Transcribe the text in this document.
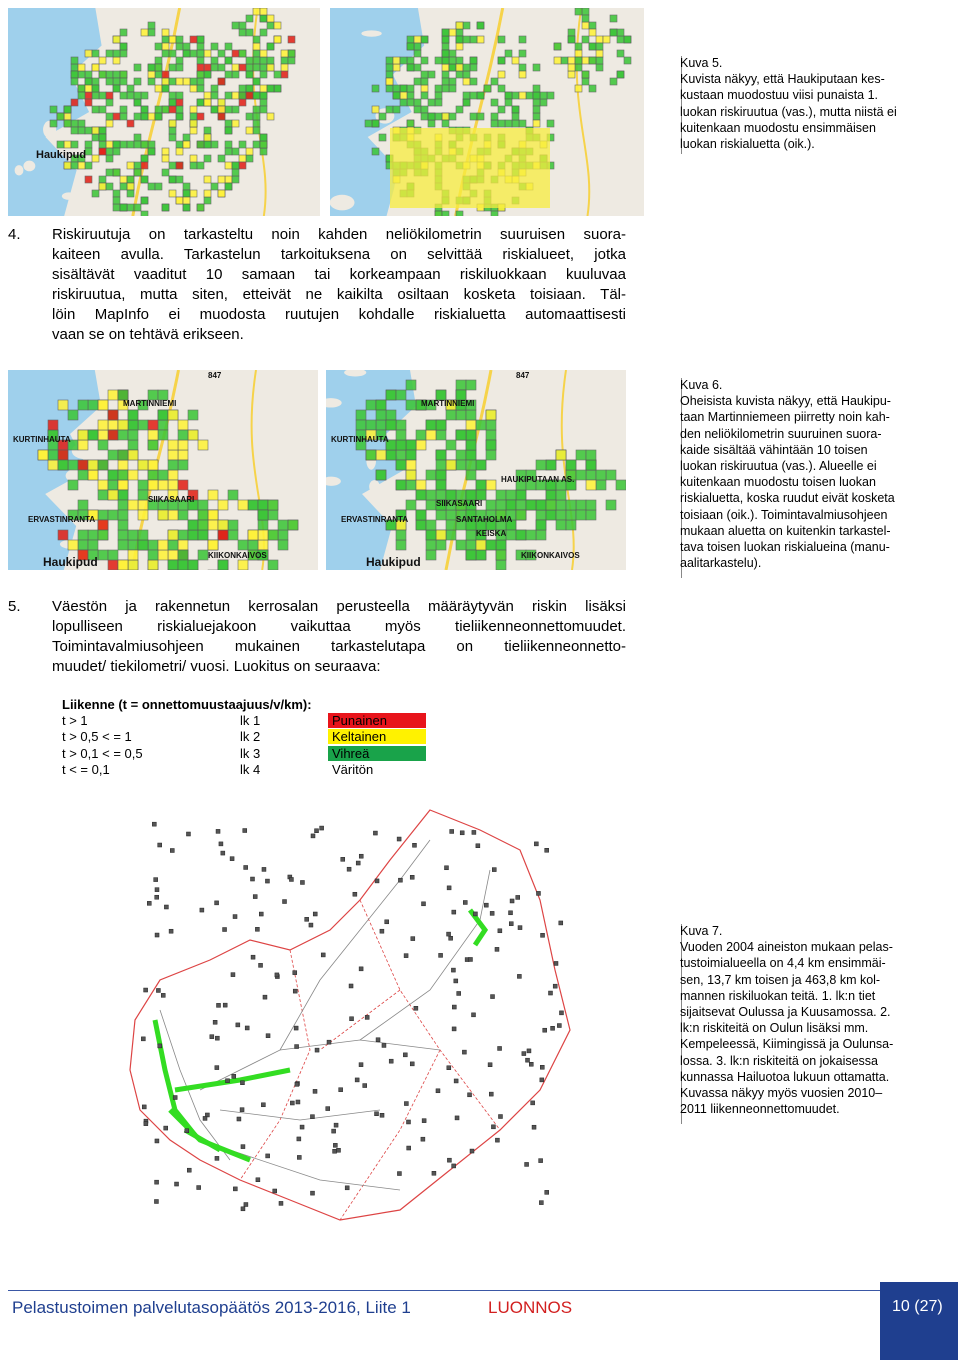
Haukipud
Kuva 5.
Kuvista näkyy, että Haukiputaan kes-
kustaan muodostuu viisi punaista 1.
luokan riskiruutua (vas.), mutta niistä ei
kuitenkaan muodostu ensimmäisen
luokan riskialuetta (oik.).
4. Riskiruutuja on tarkasteltu noin kahden neliökilometrin suuruisen suora-
kaiteen avulla. Tarkastelun tarkoituksena on selvittää riskialueet, jotka
sisältävät vaaditut 10 samaan tai korkeampaan riskiluokkaan kuuluvaa
riskiruutua, mutta siten, etteivät ne kaikilta osiltaan kosketa toisiaan. Täl-
löin MapInfo ei muodosta ruutujen kohdalle riskialuetta automaattisesti
vaan se on tehtävä erikseen.
MARTINNIEMI
KURTINHAUTA
SIIKASAARI
ERVASTINRANTA
KIIKONKAIVOS
Haukipud
847
MARTINNIEMI
KURTINHAUTA
HAUKIPUTAAN AS.
SIIKASAARI
SANTAHOLMA
KEISKA
ERVASTINRANTA
KIIKONKAIVOS
Haukipud
847
Kuva 6.
Oheisista kuvista näkyy, että Haukipu-
taan Martinniemeen piirretty noin kah-
den neliökilometrin suuruinen suora-
kaide sisältää vähintään 10 toisen
luokan riskiruutua (vas.). Alueelle ei
kuitenkaan muodostu toisen luokan
riskialuetta, koska ruudut eivät kosketa
toisiaan (oik.). Toimintavalmiusohjeen
mukaan aluetta on kuitenkin tarkastel-
tava toisen luokan riskialueina (manu-
aalitarkastelu).
5. Väestön ja rakennetun kerrosalan perusteella määräytyvän riskin lisäksi
lopulliseen riskialuejakoon vaikuttaa myös tieliikenneonnettomuudet.
Toimintavalmiusohjeen mukainen tarkastelutapa on tieliikenneonnetto-
muudet/ tiekilometri/ vuosi. Luokitus on seuraava:
Liikenne (t = onnettomuustaajuus/v/km):
t > 1	lk 1	Punainen
t > 0,5 < = 1	lk 2	Keltainen
t > 0,1 < = 0,5	lk 3	Vihreä
t < = 0,1	lk 4	Väritön
Kuva 7.
Vuoden 2004 aineiston mukaan pelas-
tustoimialueella on 4,4 km ensimmäi-
sen, 13,7 km toisen ja 463,8 km kol-
mannen riskiluokan teitä. 1. lk:n tiet
sijaitsevat Oulussa ja Kuusamossa. 2.
lk:n riskiteitä on Oulun lisäksi mm.
Kempeleessä, Kiimingissä ja Oulunsa-
lossa. 3. lk:n riskiteitä on jokaisessa
kunnassa Hailuotoa lukuun ottamatta.
Kuvassa näkyy myös vuosien 2010–
2011 liikenneonnettomuudet.
Pelastustoimen palvelutasopäätös 2013-2016, Liite 1	LUONNOS	10 (27)
